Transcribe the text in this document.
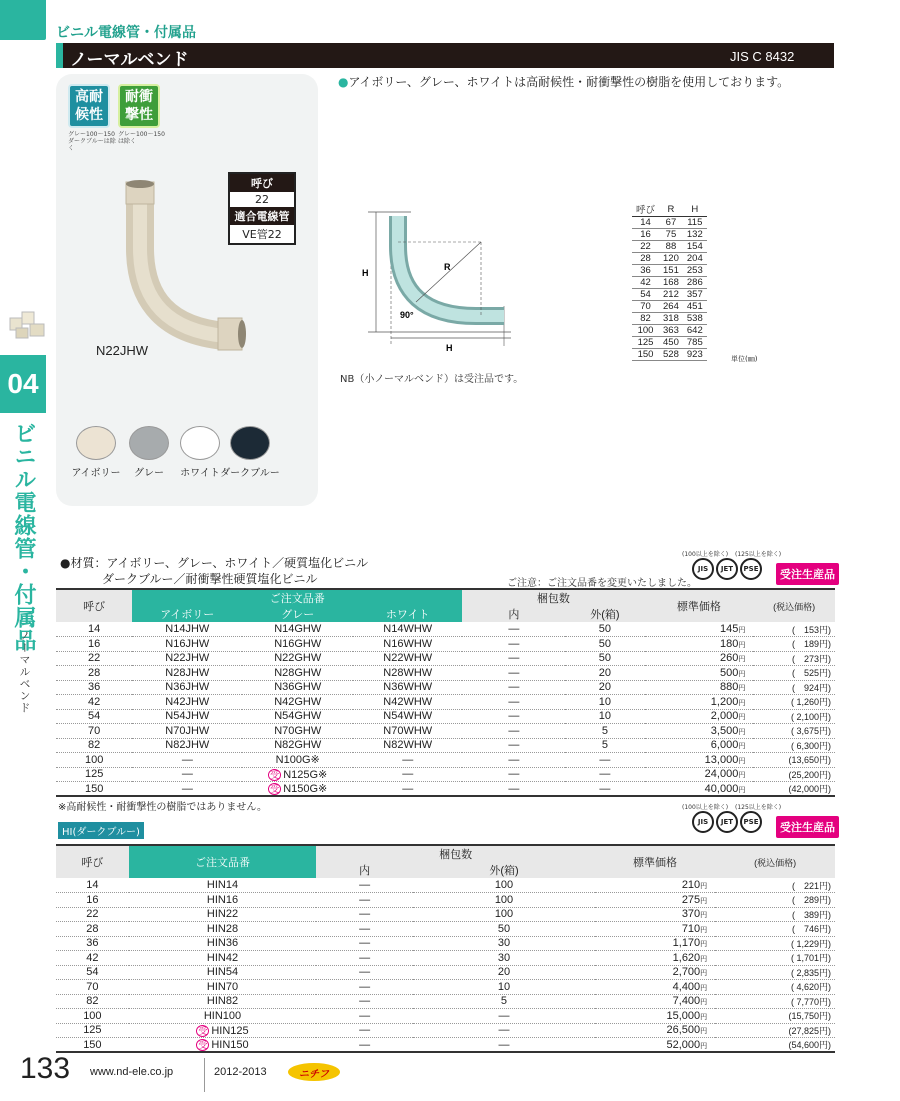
ビニル電線管・付属品
ノーマルベンド	JIS C 8432
04
ビニル電線管・付属品
ノーマルベンド
高耐候性
耐衝撃性
グレー100〜150 ダークブルーは除く
グレー100〜150は除く
呼び
22
適合電線管
VE管22
N22JHW
アイボリー	グレー	ホワイト ダークブルー
●アイボリー、グレー、ホワイトは高耐候性・耐衝撃性の樹脂を使用しております。
H
R
90°
H
NB（小ノーマルベンド）は受注品です。
呼び	R	H
14	67	115
16	75	132
22	88	154
28	120	204
36	151	253
42	168	286
54	212	357
70	264	451
82	318	538
100	363	642
125	450	785
150	528	923	単位(㎜)
●材質：アイボリー、グレー、ホワイト／硬質塩化ビニル
ダークブルー／耐衝撃性硬質塩化ビニル	ご注意：ご注文品番を変更いたしました。
(100以上を除く) (125以上を除く)
JIS	JET	PSE	受注生産品
呼び	ご注文品番			梱包数		標準価格	(税込価格)
	アイボリー	グレー	ホワイト	内	外(箱)		
14	N14JHW	N14GHW	N14WHW	—	50	145円	(　153円)
16	N16JHW	N16GHW	N16WHW	—	50	180円	(　189円)
22	N22JHW	N22GHW	N22WHW	—	50	260円	(　273円)
28	N28JHW	N28GHW	N28WHW	—	20	500円	(　525円)
36	N36JHW	N36GHW	N36WHW	—	20	880円	(　924円)
42	N42JHW	N42GHW	N42WHW	—	10	1,200円	( 1,260円)
54	N54JHW	N54GHW	N54WHW	—	10	2,000円	( 2,100円)
70	N70JHW	N70GHW	N70WHW	—	5	3,500円	( 3,675円)
82	N82JHW	N82GHW	N82WHW	—	5	6,000円	( 6,300円)
100	—	N100G※	—	—	—	13,000円	(13,650円)
125	—	受 N125G※	—	—	—	24,000円	(25,200円)
150	—	受 N150G※	—	—	—	40,000円	(42,000円)
※高耐候性・耐衝撃性の樹脂ではありません。
HI(ダークブルー)
(100以上を除く) (125以上を除く)
JIS	JET	PSE	受注生産品
呼び	ご注文品番	梱包数		標準価格	(税込価格)
		内	外(箱)		
14	HIN14	—	100	210円	(　221円)
16	HIN16	—	100	275円	(　289円)
22	HIN22	—	100	370円	(　389円)
28	HIN28	—	50	710円	(　746円)
36	HIN36	—	30	1,170円	( 1,229円)
42	HIN42	—	30	1,620円	( 1,701円)
54	HIN54	—	20	2,700円	( 2,835円)
70	HIN70	—	10	4,400円	( 4,620円)
82	HIN82	—	5	7,400円	( 7,770円)
100	HIN100	—	—	15,000円	(15,750円)
125	受 HIN125	—	—	26,500円	(27,825円)
150	受 HIN150	—	—	52,000円	(54,600円)
133 www.nd-ele.co.jp	2012-2013	ニチフ
